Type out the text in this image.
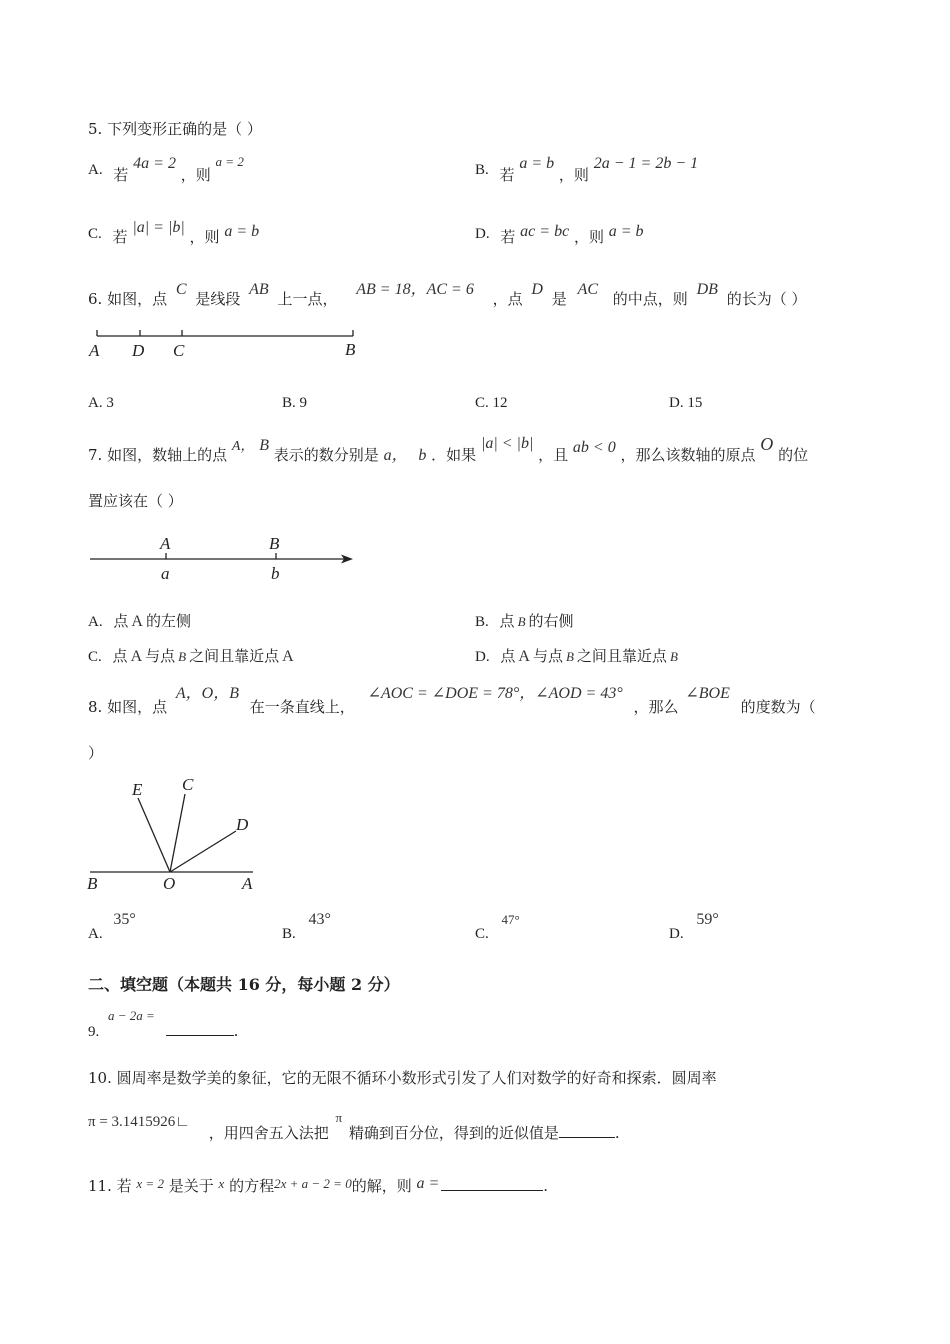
5. 下列变形正确的是（ ）
A. 若 4a = 2 ，则 a = 2
B. 若 a = b ，则 2a − 1 = 2b − 1
C. 若 |a| = |b| ，则 a = b	D. 若 ac = bc ，则 a = b
6. 如图，点 C 是线段 AB 上一点， AB = 18，AC = 6 ，点 D 是 AC 的中点，则 DB 的长为（ ）
A D C	B
A. 3	B. 9	C. 12	D. 15
7. 如图，数轴上的点 A， B 表示的数分别是 a， b ．如果 |a| < |b| ，且 ab < 0 ，那么该数轴的原点 O 的位
置应该在（ ）
A	B
a	b
A. 点 A 的左侧	B. 点 B 的右侧
C. 点 A 与点 B 之间且靠近点 A	D. 点 A 与点 B 之间且靠近点 B
8. 如图，点 A，O，B 在一条直线上， ∠AOC = ∠DOE = 78°，∠AOD = 43° ，那么 ∠BOE 的度数为（
）
E C
D
B	O	A
A. 35°
B. 43°
C. 47°
D. 59°
二、填空题（本题共 16 分，每小题 2 分）
9. a − 2a = .
10. 圆周率是数学美的象征，它的无限不循环小数形式引发了人们对数学的好奇和探索．圆周率
π = 3.1415926∟ ，用四舍五入法把 π 精确到百分位，得到的近似值是	.
11. 若 x = 2 是关于 x 的方程2x + a − 2 = 0的解，则 a =	.
